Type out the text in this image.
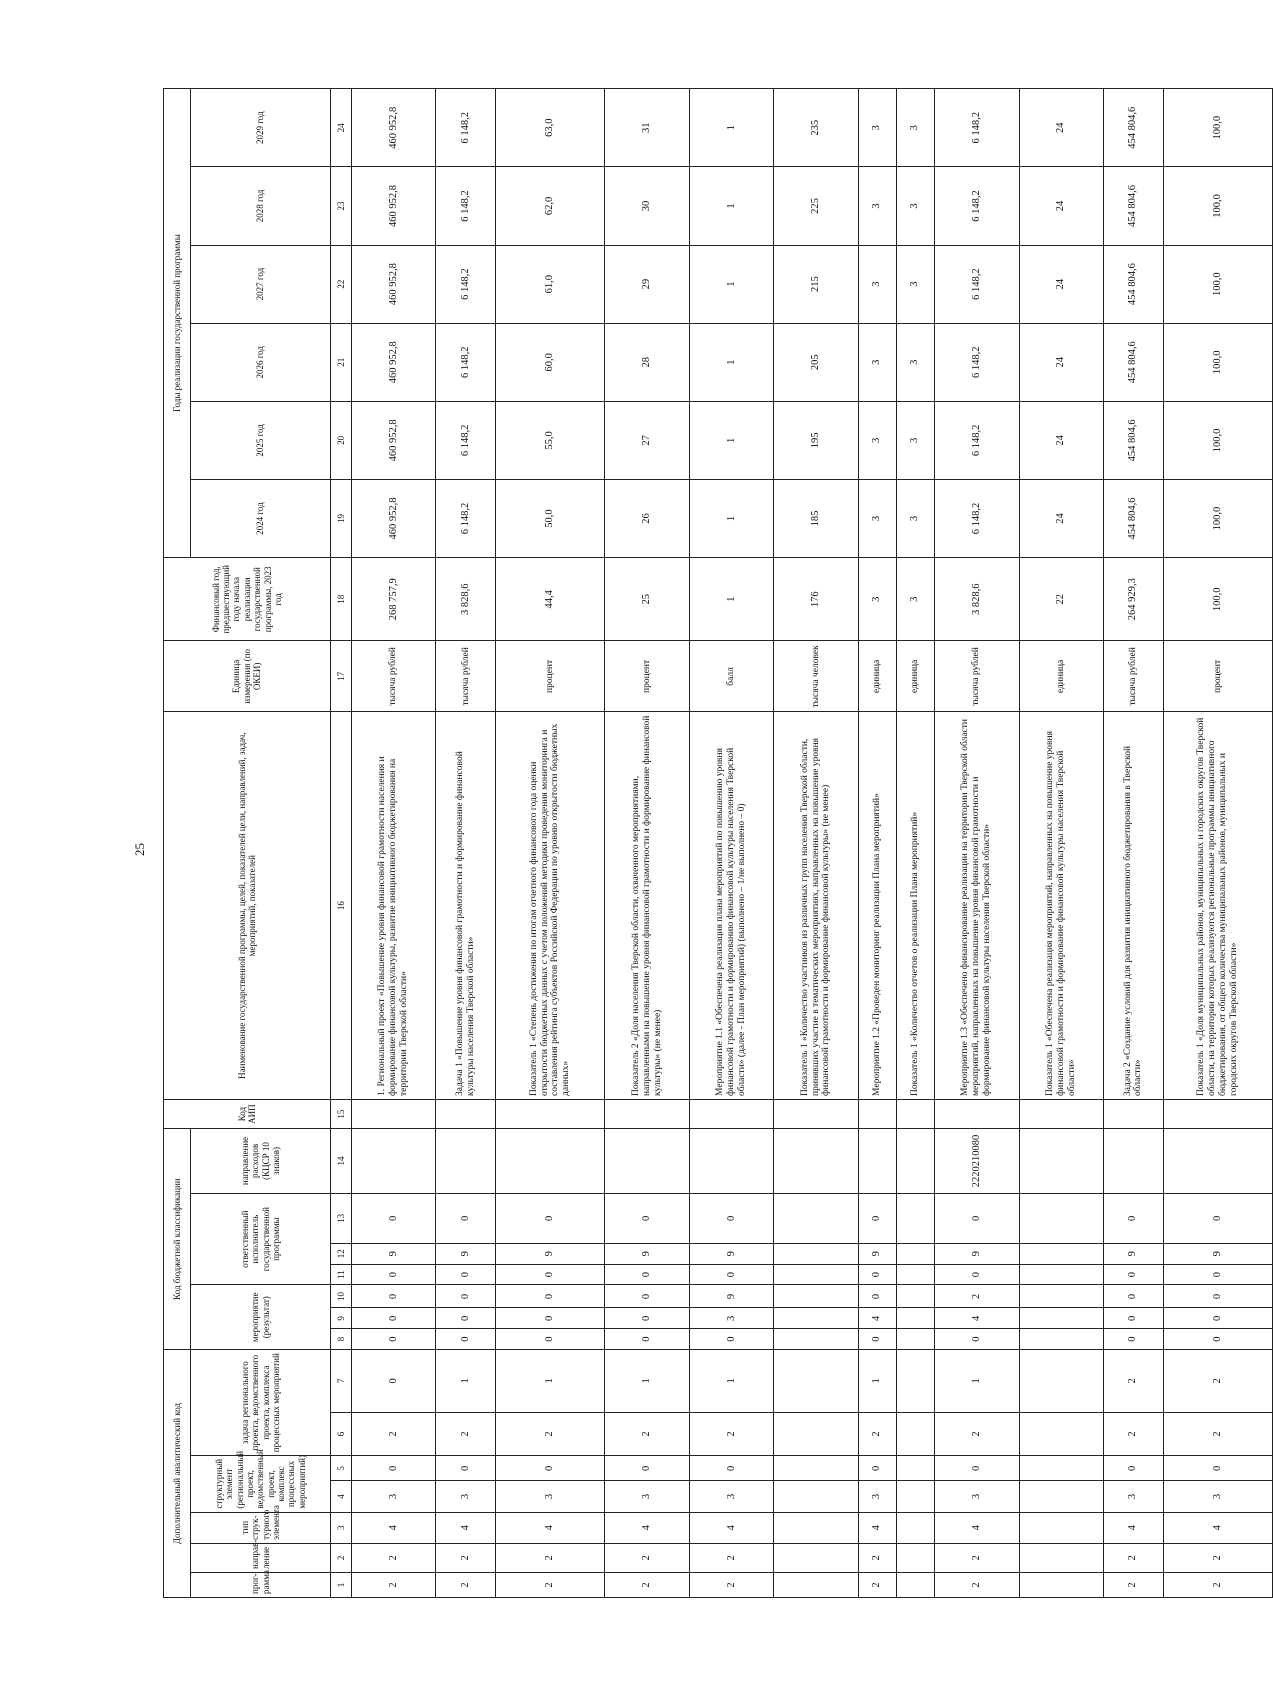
25
Дополнительный аналитический код							Код бюджетной классификации							Код АИП	Наименование государственной программы, целей, показателей цели, направлений, задач, мероприятий, показателей	Единица измерения (по ОКЕИ)	Финансовый год, предшествующий году начала реализации государственной программы, 2023 год	Годы реализации государственной программы					
прог-рамма	направ-ление	тип струк-турного элемента	структурный элемент (региональный проект, ведомственный проект, комплекс процессных мероприятий)		задача регионального проекта, ведомственного проекта, комплекса процессных мероприятий		мероприятие (результат)			ответственный исполнитель государственной программы			направление расходов (КЦСР 10 знаков)					2024 год	2025 год	2026 год	2027 год	2028 год	2029 год
1	2	3	4	5	6	7	8	9	10	11	12	13	14	15	16	17	18	19	20	21	22	23	24
2	2	4	3	0	2	0	0	0	0	0	9	0			1. Региональный проект «Повышение уровня финансовой грамотности населения и формирование финансовой культуры, развитие инициативного бюджетирования на территории Тверской области»	тысяча рублей	268 757,9	460 952,8	460 952,8	460 952,8	460 952,8	460 952,8	460 952,8
2	2	4	3	0	2	1	0	0	0	0	9	0			Задача 1 «Повышение уровня финансовой грамотности и формирование финансовой культуры населения Тверской области»	тысяча рублей	3 828,6	6 148,2	6 148,2	6 148,2	6 148,2	6 148,2	6 148,2
2	2	4	3	0	2	1	0	0	0	0	9	0			Показатель 1 «Степень достижения по итогам отчетного финансового года оценки открытости бюджетных данных с учетом положений методики проведения мониторинга и составления рейтинга субъектов Российской Федерации по уровню открытости бюджетных данных»	процент	44,4	50,0	55,0	60,0	61,0	62,0	63,0
2	2	4	3	0	2	1	0	0	0	0	9	0			Показатель 2 «Доля населения Тверской области, охваченного мероприятиями, направленными на повышение уровня финансовой грамотности и формирование финансовой культуры» (не менее)	процент	25	26	27	28	29	30	31
2	2	4	3	0	2	1	0	3	9	0	9	0			Мероприятие 1.1 «Обеспечена реализация плана мероприятий по повышению уровня финансовой грамотности и формированию финансовой культуры населения Тверской области» (далее - План мероприятий) (выполнено – 1/не выполнено – 0)	балл	1	1	1	1	1	1	1
															Показатель 1 «Количество участников из различных групп населения Тверской области, принявших участие в тематических мероприятиях, направленных на повышение уровня финансовой грамотности и формирование финансовой культуры» (не менее)	тысяча человек	176	185	195	205	215	225	235
2	2	4	3	0	2	1	0	4	0	0	9	0			Мероприятие 1.2 «Проведен мониторинг реализации Плана мероприятий»	единица	3	3	3	3	3	3	3
															Показатель 1 «Количество отчетов о реализации Плана мероприятий»	единица	3	3	3	3	3	3	3
2	2	4	3	0	2	1	0	4	2	0	9	0	2220210080		Мероприятие 1.3 «Обеспечено финансирование реализации на территории Тверской области мероприятий, направленных на повышение уровня финансовой грамотности и формирование финансовой культуры населения Тверской области»	тысяча рублей	3 828,6	6 148,2	6 148,2	6 148,2	6 148,2	6 148,2	6 148,2
															Показатель 1 «Обеспечена реализация мероприятий, направленных на повышение уровня финансовой грамотности и формирование финансовой культуры населения Тверской области»	единица	22	24	24	24	24	24	24
2	2	4	3	0	2	2	0	0	0	0	9	0			Задача 2 «Создание условий для развития инициативного бюджетирования в Тверской области»	тысяча рублей	264 929,3	454 804,6	454 804,6	454 804,6	454 804,6	454 804,6	454 804,6
2	2	4	3	0	2	2	0	0	0	0	9	0			Показатель 1 «Доля муниципальных районов, муниципальных и городских округов Тверской области, на территории которых реализуются региональные программы инициативного бюджетирования, от общего количества муниципальных районов, муниципальных и городских округов Тверской области»	процент	100,0	100,0	100,0	100,0	100,0	100,0	100,0
